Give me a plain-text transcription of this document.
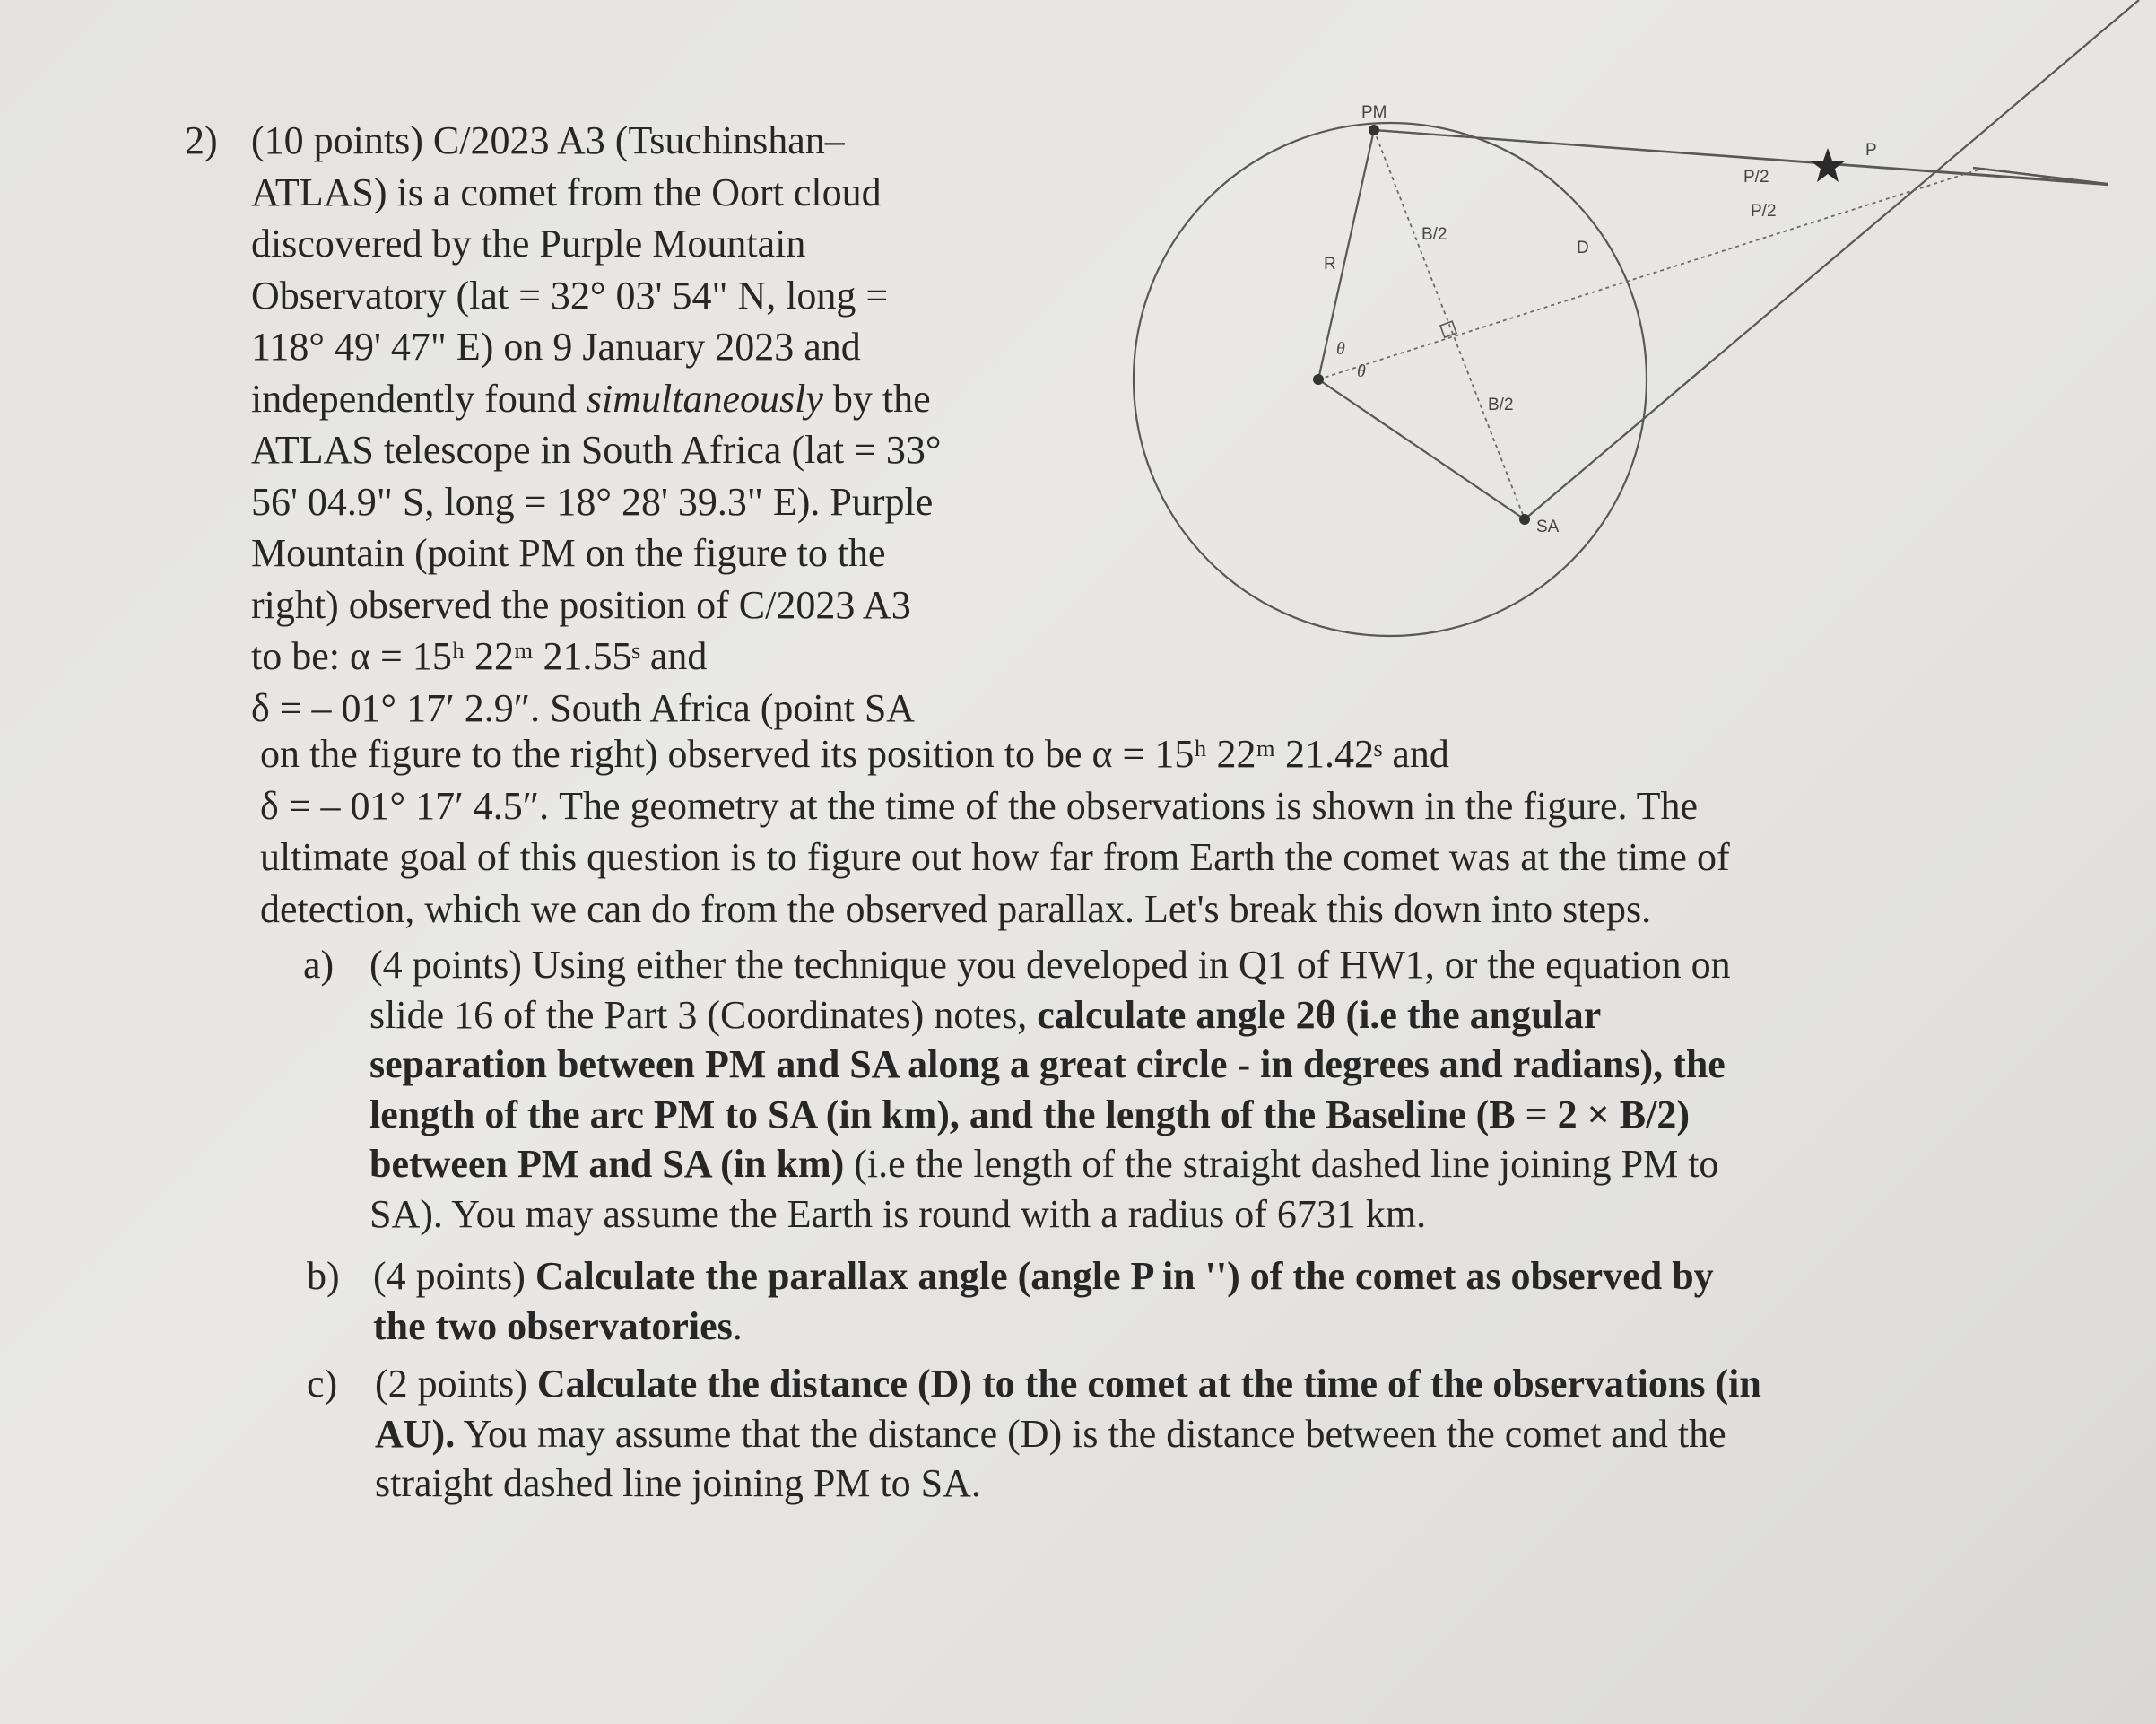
2) (10 points) C/2023 A3 (Tsuchinshan–
ATLAS) is a comet from the Oort cloud
discovered by the Purple Mountain
Observatory (lat = 32° 03' 54" N, long =
118° 49' 47" E) on 9 January 2023 and
independently found simultaneously by the
ATLAS telescope in South Africa (lat = 33°
56' 04.9" S, long = 18° 28' 39.3" E). Purple
Mountain (point PM on the figure to the
right) observed the position of C/2023 A3
to be: α = 15ʰ 22ᵐ 21.55ˢ and
δ = – 01° 17′ 2.9″. South Africa (point SA
on the figure to the right) observed its position to be α = 15ʰ 22ᵐ 21.42ˢ and
δ = – 01° 17′ 4.5″. The geometry at the time of the observations is shown in the figure. The
ultimate goal of this question is to figure out how far from Earth the comet was at the time of
detection, which we can do from the observed parallax. Let's break this down into steps.
a) (4 points) Using either the technique you developed in Q1 of HW1, or the equation on
slide 16 of the Part 3 (Coordinates) notes, calculate angle 2θ (i.e the angular
separation between PM and SA along a great circle - in degrees and radians), the
length of the arc PM to SA (in km), and the length of the Baseline (B = 2 × B/2)
between PM and SA (in km) (i.e the length of the straight dashed line joining PM to
SA). You may assume the Earth is round with a radius of 6731 km.
b) (4 points) Calculate the parallax angle (angle P in '') of the comet as observed by
the two observatories.
c) (2 points) Calculate the distance (D) to the comet at the time of the observations (in
AU). You may assume that the distance (D) is the distance between the comet and the
straight dashed line joining PM to SA.
PM
SA
R
θ
θ
B/2
B/2
D
P/2
P/2
P
